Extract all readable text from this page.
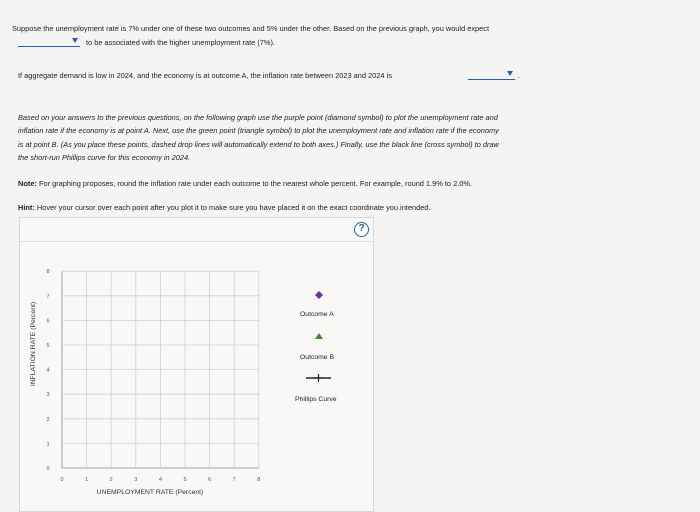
Suppose the unemployment rate is 7% under one of these two outcomes and 5% under the other. Based on the previous graph, you would expect
to be associated with the higher unemployment rate (7%).
If aggregate demand is low in 2024, and the economy is at outcome A, the inflation rate between 2023 and 2024 is	.
Based on your answers to the previous questions, on the following graph use the purple point (diamond symbol) to plot the unemployment rate and
inflation rate if the economy is at point A. Next, use the green point (triangle symbol) to plot the unemployment rate and inflation rate if the economy
is at point B. (As you place these points, dashed drop lines will automatically extend to both axes.) Finally, use the black line (cross symbol) to draw
the short-run Phillips curve for this economy in 2024.
Note: For graphing proposes, round the inflation rate under each outcome to the nearest whole percent. For example, round 1.9% to 2.0%.
Hint: Hover your cursor over each point after you plot it to make sure you have placed it on the exact coordinate you intended.
?
0
1
2
3
4
5
6
7
8
0	1	2	3	4	5	6	7	8
INFLATION RATE (Percent)
UNEMPLOYMENT RATE (Percent)
Outcome A
Outcome B
Phillips Curve
